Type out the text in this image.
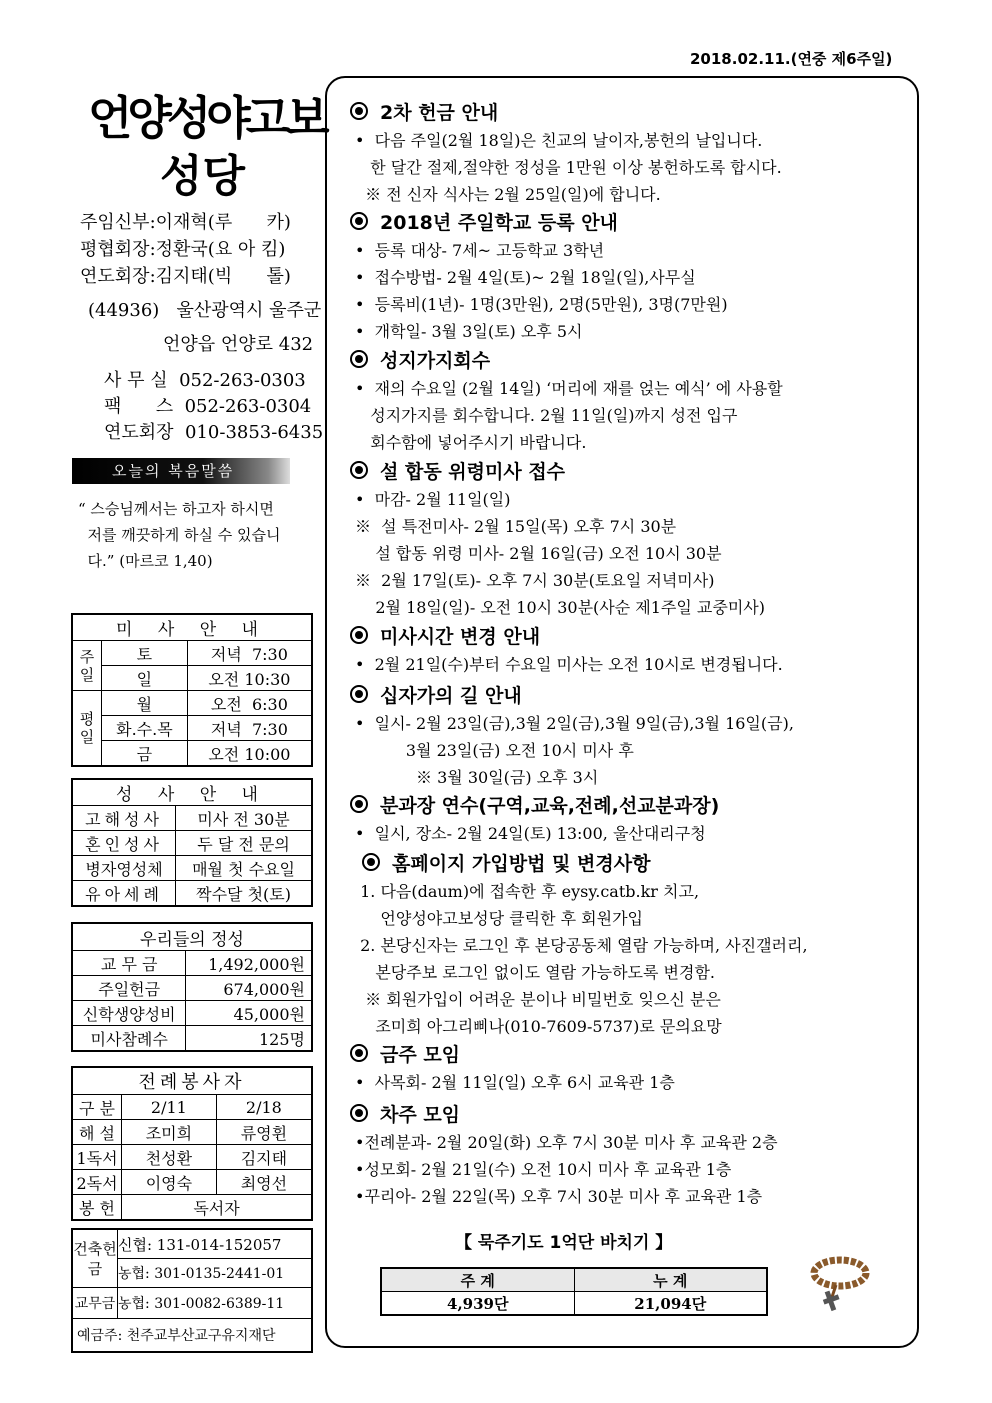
2018.02.11.(연중 제6주일)
언양성야고보
성당
주임신부:이재혁(루      카)
평협회장:정환국(요 아 킴)
연도회장:김지태(빅      톨)
(44936)   울산광역시 울주군
언양읍 언양로 432
사 무 실 052-263-0303
팩      스 052-263-0304
연도회장 010-3853-6435
오늘의 복음말씀
“ 스승님께서는 하고자 하시면
저를 깨끗하게 하실 수 있습니
다.” (마르코 1,40)
미 사 안 내		
주일	토	저녁  7:30
	일	오전 10:30
평일	월	오전  6:30
	화.수.목	저녁  7:30
	금	오전 10:00
성 사 안 내	
고해성사	미사 전 30분
혼인성사	두 달 전 문의
병자영성체	매월 첫 수요일
유아세례	짝수달 첫(토)
우리들의 정성	
교 무 금	1,492,000원
주일헌금	674,000원
신학생양성비	45,000원
미사참례수	125명
전례봉사자		
구 분	2/11	2/18
해 설	조미희	류영휜
1독서	천성환	김지태
2독서	이영숙	최영선
봉 헌	독서자	
건축헌금	신협: 131-014-152057
	농협: 301-0135-2441-01
교무금	농협: 301-0082-6389-11
예금주: 천주교부산교구유지재단	
2차 헌금 안내
•  다음 주일(2월 18일)은 친교의 날이자,봉헌의 날입니다.
한 달간 절제,절약한 정성을 1만원 이상 봉헌하도록 합시다.
※ 전 신자 식사는 2월 25일(일)에 합니다.
2018년 주일학교 등록 안내
•  등록 대상- 7세~ 고등학교 3학년
•  접수방법- 2월 4일(토)~ 2월 18일(일),사무실
•  등록비(1년)- 1명(3만원), 2명(5만원), 3명(7만원)
•  개학일- 3월 3일(토) 오후 5시
성지가지회수
•  재의 수요일 (2월 14일) ‘머리에 재를 얹는 예식’ 에 사용할
성지가지를 회수합니다. 2월 11일(일)까지 성전 입구
회수함에 넣어주시기 바랍니다.
설 합동 위령미사 접수
•  마감- 2월 11일(일)
※  설 특전미사- 2월 15일(목) 오후 7시 30분
설 합동 위령 미사- 2월 16일(금) 오전 10시 30분
※  2월 17일(토)- 오후 7시 30분(토요일 저녁미사)
2월 18일(일)- 오전 10시 30분(사순 제1주일 교중미사)
미사시간 변경 안내
•  2월 21일(수)부터 수요일 미사는 오전 10시로 변경됩니다.
십자가의 길 안내
•  일시- 2월 23일(금),3월 2일(금),3월 9일(금),3월 16일(금),
3월 23일(금) 오전 10시 미사 후
※ 3월 30일(금) 오후 3시
분과장 연수(구역,교육,전례,선교분과장)
•  일시, 장소- 2월 24일(토) 13:00, 울산대리구청
홈페이지 가입방법 및 변경사항
1. 다음(daum)에 접속한 후 eysy.catb.kr 치고,
언양성야고보성당 클릭한 후 회원가입
2. 본당신자는 로그인 후 본당공동체 열람 가능하며, 사진갤러리,
본당주보 로그인 없이도 열람 가능하도록 변경함.
※ 회원가입이 어려운 분이나 비밀번호 잊으신 분은
조미희 아그리삐나(010-7609-5737)로 문의요망
금주 모임
•  사목회- 2월 11일(일) 오후 6시 교육관 1층
차주 모임
•전례분과- 2월 20일(화) 오후 7시 30분 미사 후 교육관 2층
•성모회- 2월 21일(수) 오전 10시 미사 후 교육관 1층
•꾸리아- 2월 22일(목) 오후 7시 30분 미사 후 교육관 1층
【 묵주기도 1억단 바치기 】
주 계	누 계
4,939단	21,094단
